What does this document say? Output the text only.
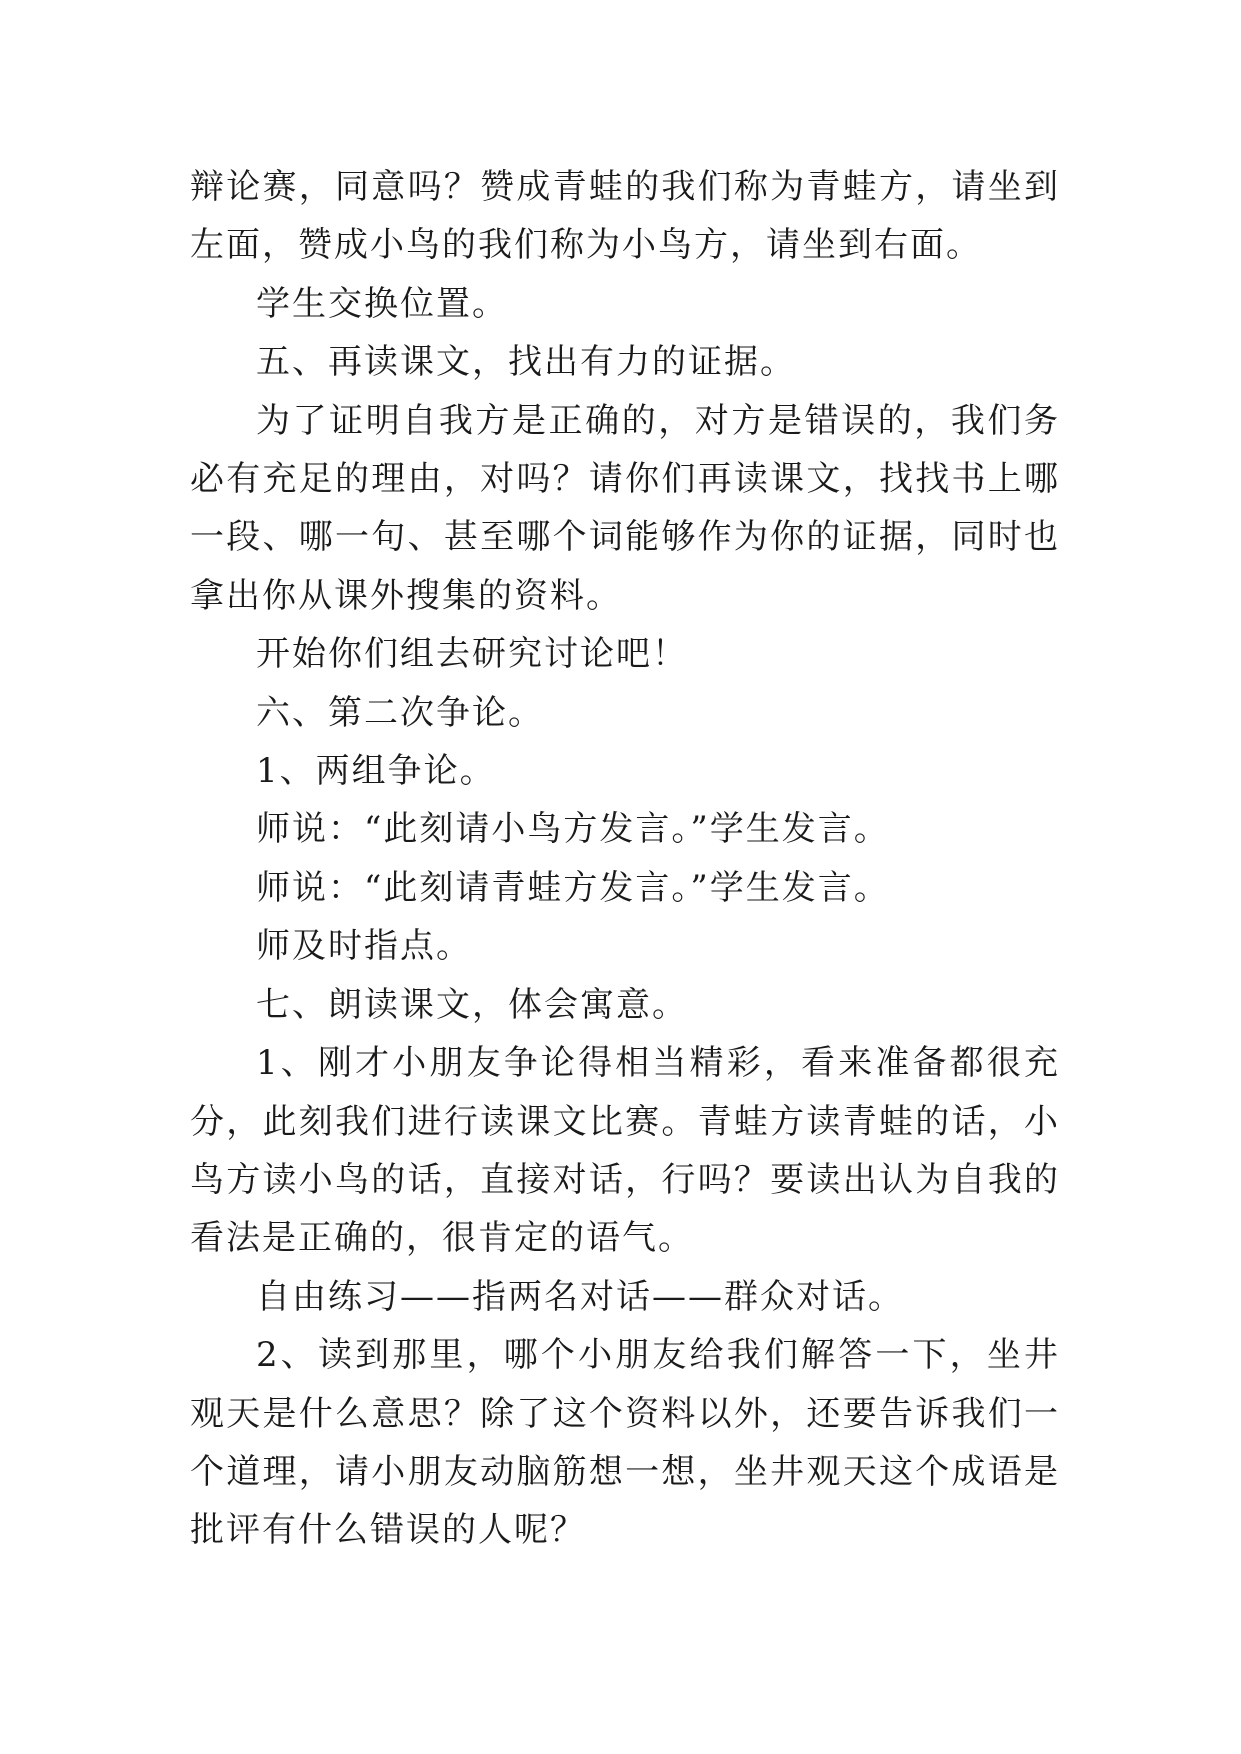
辩论赛，同意吗？赞成青蛙的我们称为青蛙方，请坐到左面，赞成小鸟的我们称为小鸟方，请坐到右面。

学生交换位置。

五、再读课文，找出有力的证据。

为了证明自我方是正确的，对方是错误的，我们务必有充足的理由，对吗？请你们再读课文，找找书上哪一段、哪一句、甚至哪个词能够作为你的证据，同时也拿出你从课外搜集的资料。

开始你们组去研究讨论吧！

六、第二次争论。

1、两组争论。

师说：“此刻请小鸟方发言。”学生发言。

师说：“此刻请青蛙方发言。”学生发言。

师及时指点。

七、朗读课文，体会寓意。

1、刚才小朋友争论得相当精彩，看来准备都很充分，此刻我们进行读课文比赛。青蛙方读青蛙的话，小鸟方读小鸟的话，直接对话，行吗？要读出认为自我的看法是正确的，很肯定的语气。

自由练习——指两名对话——群众对话。

2、读到那里，哪个小朋友给我们解答一下，坐井观天是什么意思？除了这个资料以外，还要告诉我们一个道理，请小朋友动脑筋想一想，坐井观天这个成语是批评有什么错误的人呢？
